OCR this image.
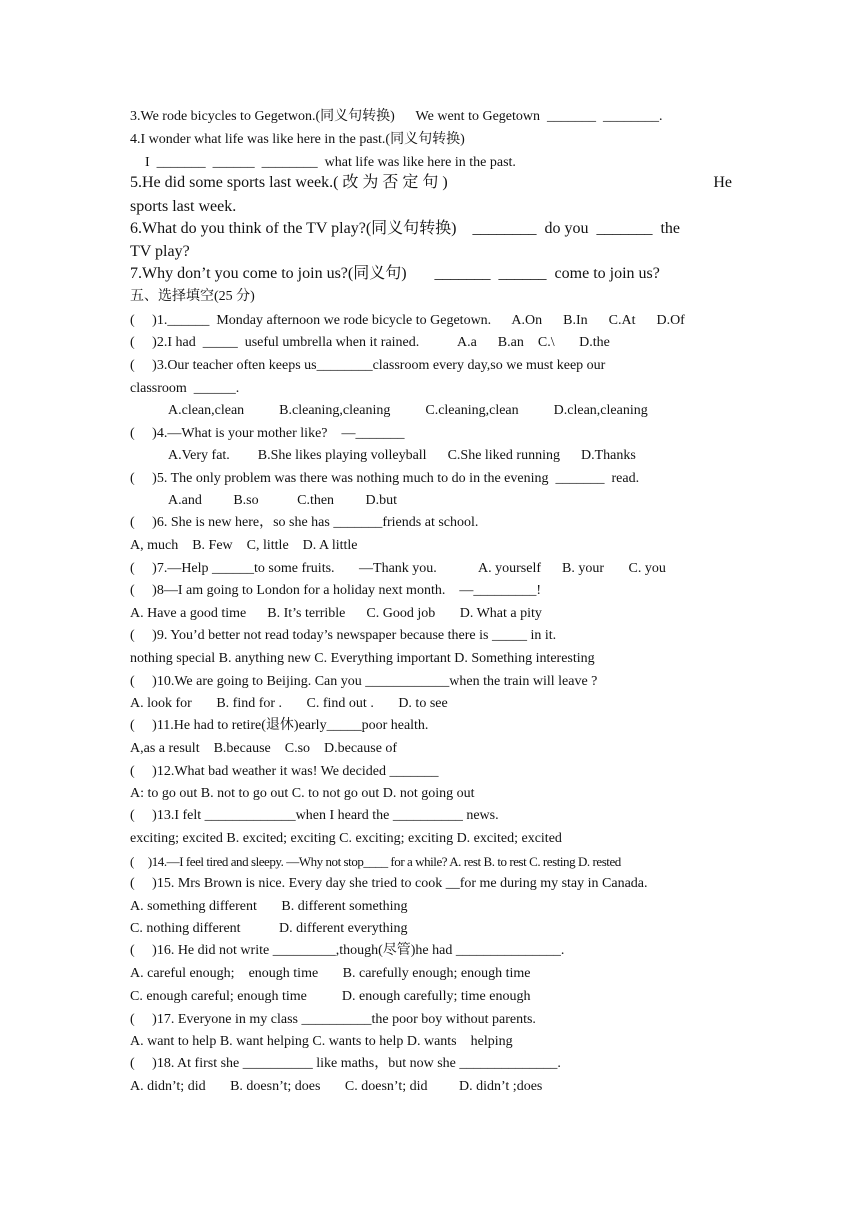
3.We rode bicycles to Gegetwon.(同义句转换)      We went to Gegetown  _______  ________.
4.I wonder what life was like here in the past.(同义句转换)
I  _______  ______  ________  what life was like here in the past.
5.He did some sports last week.( 改 为 否 定 句 )	He
sports last week.
6.What do you think of the TV play?(同义句转换)    ________  do you  _______  the
TV play?
7.Why don’t you come to join us?(同义句)       _______  ______  come to join us?
五、选择填空(25 分)
(     )1.______  Monday afternoon we rode bicycle to Gegetown.      A.On      B.In      C.At      D.Of
(     )2.I had  _____  useful umbrella when it rained.           A.a      B.an    C.\       D.the
(     )3.Our teacher often keeps us________classroom every day,so we must keep our
classroom  ______.
A.clean,clean          B.cleaning,cleaning          C.cleaning,clean          D.clean,cleaning
(     )4.—What is your mother like?    —_______
A.Very fat.        B.She likes playing volleyball      C.She liked running      D.Thanks
(     )5. The only problem was there was nothing much to do in the evening  _______  read.
A.and         B.so           C.then         D.but
(     )6. She is new here，so she has _______friends at school.
A, much    B. Few    C, little    D. A little
(     )7.—Help ______to some fruits.       —Thank you.            A. yourself      B. your       C. you
(     )8—I am going to London for a holiday next month.    —_________!
A. Have a good time      B. It’s terrible      C. Good job       D. What a pity
(     )9. You’d better not read today’s newspaper because there is _____ in it.
nothing special B. anything new C. Everything important D. Something interesting
(     )10.We are going to Beijing. Can you ____________when the train will leave ?
A. look for       B. find for .       C. find out .       D. to see
(     )11.He had to retire(退休)early_____poor health.
A,as a result    B.because    C.so    D.because of
(     )12.What bad weather it was! We decided _______
A: to go out B. not to go out C. to not go out D. not going out
(     )13.I felt _____________when I heard the __________ news.
exciting; excited B. excited; exciting C. exciting; exciting D. excited; excited
(     )14.—I feel tired and sleepy. —Why not stop____ for a while? A. rest B. to rest C. resting D. rested
(     )15. Mrs Brown is nice. Every day she tried to cook __for me during my stay in Canada.
A. something different       B. different something
C. nothing different           D. different everything
(     )16. He did not write _________,though(尽管)he had _______________.
A. careful enough;    enough time       B. carefully enough; enough time
C. enough careful; enough time          D. enough carefully; time enough
(     )17. Everyone in my class __________the poor boy without parents.
A. want to help B. want helping C. wants to help D. wants    helping
(     )18. At first she __________ like maths，but now she ______________.
A. didn’t; did       B. doesn’t; does       C. doesn’t; did         D. didn’t ;does
